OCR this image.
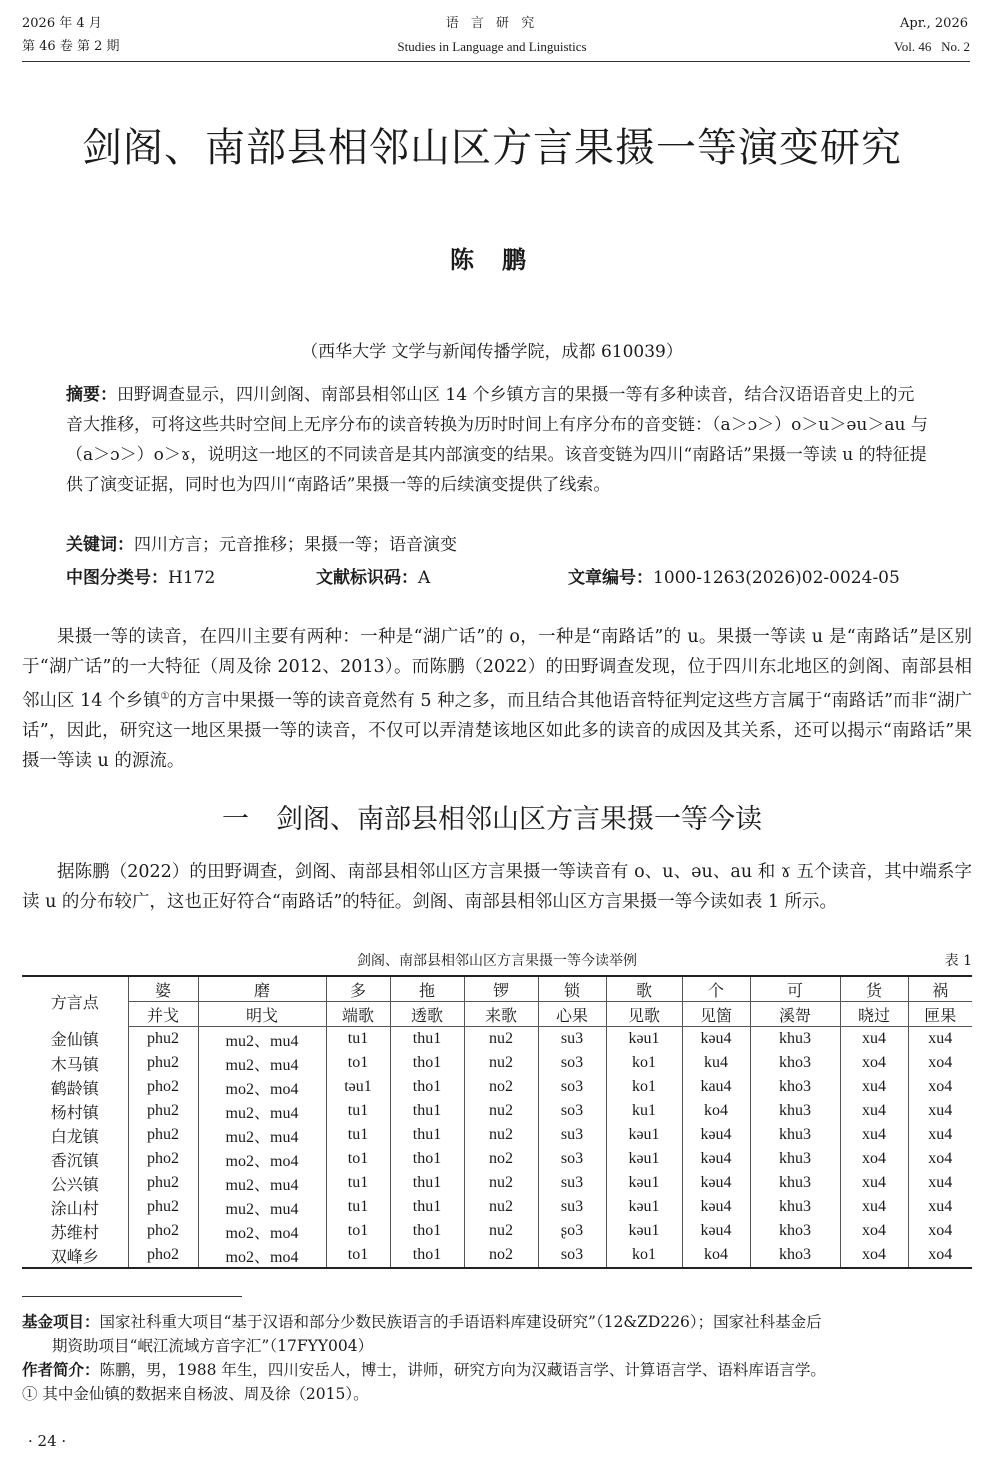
2026 年 4 月	语 言 研 究	Apr., 2026
第 46 卷 第 2 期	Studies in Language and Linguistics	Vol. 46   No. 2
剑阁、南部县相邻山区方言果摄一等演变研究
陈鹏
（西华大学 文学与新闻传播学院，成都 610039）
摘要：田野调查显示，四川剑阁、南部县相邻山区 14 个乡镇方言的果摄一等有多种读音，结合汉语语音史上的元音大推移，可将这些共时空间上无序分布的读音转换为历时时间上有序分布的音变链：（a＞ɔ＞）o＞u＞əu＞au 与（a＞ɔ＞）o＞ɤ，说明这一地区的不同读音是其内部演变的结果。该音变链为四川“南路话”果摄一等读 u 的特征提供了演变证据，同时也为四川“南路话”果摄一等的后续演变提供了线索。
关键词：四川方言；元音推移；果摄一等；语音演变
中图分类号：H172	文献标识码：A	文章编号：1000-1263(2026)02-0024-05
果摄一等的读音，在四川主要有两种：一种是“湖广话”的 o，一种是“南路话”的 u。果摄一等读 u 是“南路话”是区别于“湖广话”的一大特征（周及徐 2012、2013）。而陈鹏（2022）的田野调查发现，位于四川东北地区的剑阁、南部县相邻山区 14 个乡镇①的方言中果摄一等的读音竟然有 5 种之多，而且结合其他语音特征判定这些方言属于“南路话”而非“湖广话”，因此，研究这一地区果摄一等的读音，不仅可以弄清楚该地区如此多的读音的成因及其关系，还可以揭示“南路话”果摄一等读 u 的源流。
一　剑阁、南部县相邻山区方言果摄一等今读
据陈鹏（2022）的田野调查，剑阁、南部县相邻山区方言果摄一等读音有 o、u、əu、au 和 ɤ 五个读音，其中端系字读 u 的分布较广，这也正好符合“南路话”的特征。剑阁、南部县相邻山区方言果摄一等今读如表 1 所示。
剑阁、南部县相邻山区方言果摄一等今读举例	表 1
方言点	婆	磨	多	拖	锣	锁	歌	个	可	货	祸
	并戈	明戈	端歌	透歌	来歌	心果	见歌	见箇	溪哿	晓过	匣果
金仙镇	phu2	mu2、mu4	tu1	thu1	nu2	su3	kəu1	kəu4	khu3	xu4	xu4
木马镇	phu2	mu2、mu4	to1	tho1	nu2	so3	ko1	ku4	kho3	xo4	xo4
鹤龄镇	pho2	mo2、mo4	təu1	tho1	no2	so3	ko1	kau4	kho3	xu4	xo4
杨村镇	phu2	mu2、mu4	tu1	thu1	nu2	so3	ku1	ko4	khu3	xu4	xu4
白龙镇	phu2	mu2、mu4	tu1	thu1	nu2	su3	kəu1	kəu4	khu3	xu4	xu4
香沉镇	pho2	mo2、mo4	to1	tho1	no2	so3	kəu1	kəu4	khu3	xo4	xo4
公兴镇	phu2	mu2、mu4	tu1	thu1	nu2	su3	kəu1	kəu4	khu3	xu4	xu4
涂山村	phu2	mu2、mu4	tu1	thu1	nu2	su3	kəu1	kəu4	khu3	xu4	xu4
苏维村	pho2	mo2、mo4	to1	tho1	nu2	ʂo3	kəu1	kəu4	kho3	xo4	xo4
双峰乡	pho2	mo2、mo4	to1	tho1	no2	so3	ko1	ko4	kho3	xo4	xo4
基金项目：国家社科重大项目“基于汉语和部分少数民族语言的手语语料库建设研究”（12&ZD226）；国家社科基金后
期资助项目“岷江流域方音字汇”（17FYY004）
作者简介：陈鹏，男，1988 年生，四川安岳人，博士，讲师，研究方向为汉藏语言学、计算语言学、语料库语言学。
① 其中金仙镇的数据来自杨波、周及徐（2015）。
· 24 ·
